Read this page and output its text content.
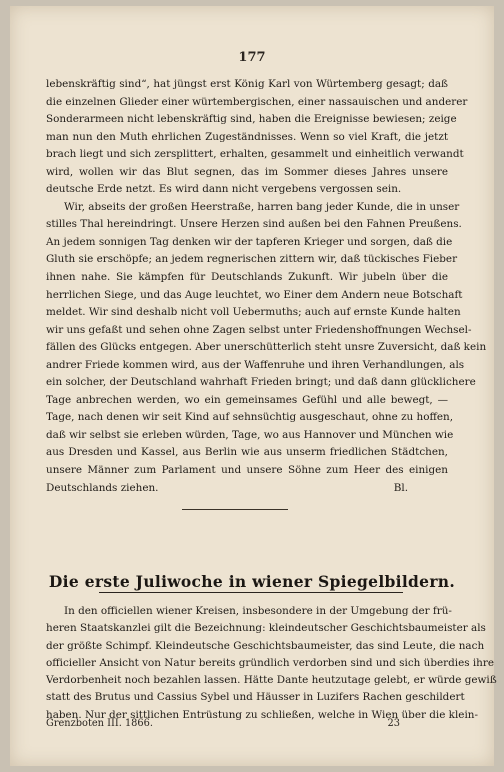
177
lebenskräftig sind“, hat jüngst erst König Karl von Würtemberg gesagt; daß
die einzelnen Glieder einer würtembergischen, einer nassauischen und anderer
Sonderarmeen nicht lebenskräftig sind, haben die Ereignisse bewiesen; zeige
man nun den Muth ehrlichen Zugeständnisses. Wenn so viel Kraft, die jetzt
brach liegt und sich zersplittert, erhalten, gesammelt und einheitlich verwandt
wird, wollen wir das Blut segnen, das im Sommer dieses Jahres unsere
deutsche Erde netzt. Es wird dann nicht vergebens vergossen sein.
Wir, abseits der großen Heerstraße, harren bang jeder Kunde, die in unser
stilles Thal hereindringt. Unsere Herzen sind außen bei den Fahnen Preußens.
An jedem sonnigen Tag denken wir der tapferen Krieger und sorgen, daß die
Gluth sie erschöpfe; an jedem regnerischen zittern wir, daß tückisches Fieber
ihnen nahe. Sie kämpfen für Deutschlands Zukunft. Wir jubeln über die
herrlichen Siege, und das Auge leuchtet, wo Einer dem Andern neue Botschaft
meldet. Wir sind deshalb nicht voll Uebermuths; auch auf ernste Kunde halten
wir uns gefaßt und sehen ohne Zagen selbst unter Friedenshoffnungen Wechsel-
fällen des Glücks entgegen. Aber unerschütterlich steht unsre Zuversicht, daß kein
andrer Friede kommen wird, aus der Waffenruhe und ihren Verhandlungen, als
ein solcher, der Deutschland wahrhaft Frieden bringt; und daß dann glücklichere
Tage anbrechen werden, wo ein gemeinsames Gefühl und alle bewegt, —
Tage, nach denen wir seit Kind auf sehnsüchtig ausgeschaut, ohne zu hoffen,
daß wir selbst sie erleben würden, Tage, wo aus Hannover und München wie
aus Dresden und Kassel, aus Berlin wie aus unserm friedlichen Städtchen,
unsere Männer zum Parlament und unsere Söhne zum Heer des einigen
Deutschlands ziehen.	Bl.
Die erste Juliwoche in wiener Spiegelbildern.
In den officiellen wiener Kreisen, insbesondere in der Umgebung der frü-
heren Staatskanzlei gilt die Bezeichnung: kleindeutscher Geschichtsbaumeister als
der größte Schimpf. Kleindeutsche Geschichtsbaumeister, das sind Leute, die nach
officieller Ansicht von Natur bereits gründlich verdorben sind und sich überdies ihre
Verdorbenheit noch bezahlen lassen. Hätte Dante heutzutage gelebt, er würde gewiß
statt des Brutus und Cassius Sybel und Häusser in Luzifers Rachen geschildert
haben. Nur der sittlichen Entrüstung zu schließen, welche in Wien über die klein-
Grenzboten III. 1866.	23
